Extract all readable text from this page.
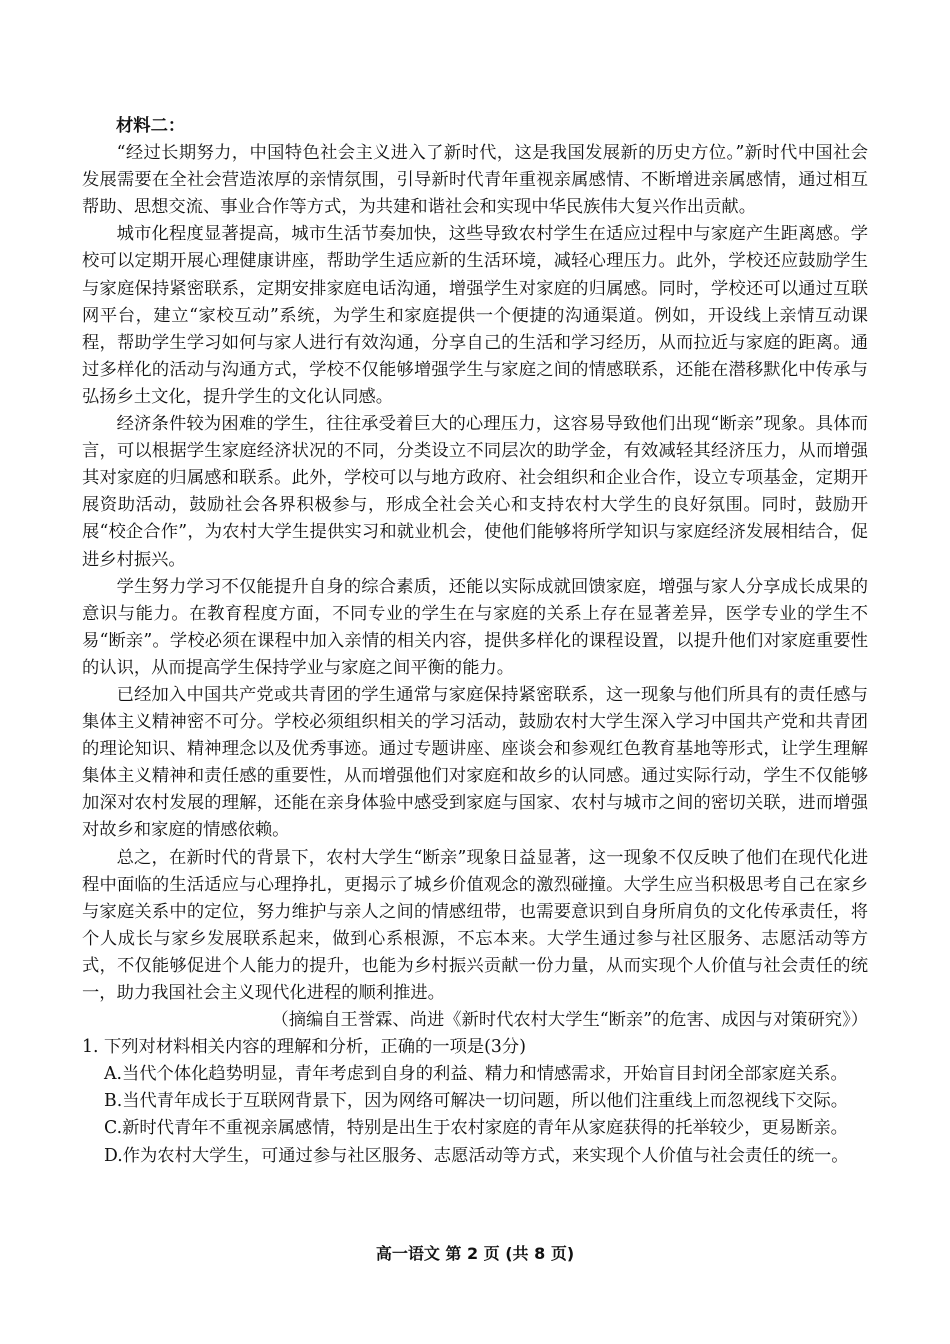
材料二：

“经过长期努力，中国特色社会主义进入了新时代，这是我国发展新的历史方位。”新时代中国社会发展需要在全社会营造浓厚的亲情氛围，引导新时代青年重视亲属感情、不断增进亲属感情，通过相互帮助、思想交流、事业合作等方式，为共建和谐社会和实现中华民族伟大复兴作出贡献。

城市化程度显著提高，城市生活节奏加快，这些导致农村学生在适应过程中与家庭产生距离感。学校可以定期开展心理健康讲座，帮助学生适应新的生活环境，减轻心理压力。此外，学校还应鼓励学生与家庭保持紧密联系，定期安排家庭电话沟通，增强学生对家庭的归属感。同时，学校还可以通过互联网平台，建立“家校互动”系统，为学生和家庭提供一个便捷的沟通渠道。例如，开设线上亲情互动课程，帮助学生学习如何与家人进行有效沟通，分享自己的生活和学习经历，从而拉近与家庭的距离。通过多样化的活动与沟通方式，学校不仅能够增强学生与家庭之间的情感联系，还能在潜移默化中传承与弘扬乡土文化，提升学生的文化认同感。

经济条件较为困难的学生，往往承受着巨大的心理压力，这容易导致他们出现“断亲”现象。具体而言，可以根据学生家庭经济状况的不同，分类设立不同层次的助学金，有效减轻其经济压力，从而增强其对家庭的归属感和联系。此外，学校可以与地方政府、社会组织和企业合作，设立专项基金，定期开展资助活动，鼓励社会各界积极参与，形成全社会关心和支持农村大学生的良好氛围。同时，鼓励开展“校企合作”，为农村大学生提供实习和就业机会，使他们能够将所学知识与家庭经济发展相结合，促进乡村振兴。

学生努力学习不仅能提升自身的综合素质，还能以实际成就回馈家庭，增强与家人分享成长成果的意识与能力。在教育程度方面，不同专业的学生在与家庭的关系上存在显著差异，医学专业的学生不易“断亲”。学校必须在课程中加入亲情的相关内容，提供多样化的课程设置，以提升他们对家庭重要性的认识，从而提高学生保持学业与家庭之间平衡的能力。

已经加入中国共产党或共青团的学生通常与家庭保持紧密联系，这一现象与他们所具有的责任感与集体主义精神密不可分。学校必须组织相关的学习活动，鼓励农村大学生深入学习中国共产党和共青团的理论知识、精神理念以及优秀事迹。通过专题讲座、座谈会和参观红色教育基地等形式，让学生理解集体主义精神和责任感的重要性，从而增强他们对家庭和故乡的认同感。通过实际行动，学生不仅能够加深对农村发展的理解，还能在亲身体验中感受到家庭与国家、农村与城市之间的密切关联，进而增强对故乡和家庭的情感依赖。

总之，在新时代的背景下，农村大学生“断亲”现象日益显著，这一现象不仅反映了他们在现代化进程中面临的生活适应与心理挣扎，更揭示了城乡价值观念的激烈碰撞。大学生应当积极思考自己在家乡与家庭关系中的定位，努力维护与亲人之间的情感纽带，也需要意识到自身所肩负的文化传承责任，将个人成长与家乡发展联系起来，做到心系根源，不忘本来。大学生通过参与社区服务、志愿活动等方式，不仅能够促进个人能力的提升，也能为乡村振兴贡献一份力量，从而实现个人价值与社会责任的统一，助力我国社会主义现代化进程的顺利推进。

（摘编自王誉霖、尚进《新时代农村大学生“断亲”的危害、成因与对策研究》）

1. 下列对材料相关内容的理解和分析，正确的一项是(3分)

A.当代个体化趋势明显，青年考虑到自身的利益、精力和情感需求，开始盲目封闭全部家庭关系。

B.当代青年成长于互联网背景下，因为网络可解决一切问题，所以他们注重线上而忽视线下交际。

C.新时代青年不重视亲属感情，特别是出生于农村家庭的青年从家庭获得的托举较少，更易断亲。

D.作为农村大学生，可通过参与社区服务、志愿活动等方式，来实现个人价值与社会责任的统一。

高一语文 第 2 页 (共 8 页)
